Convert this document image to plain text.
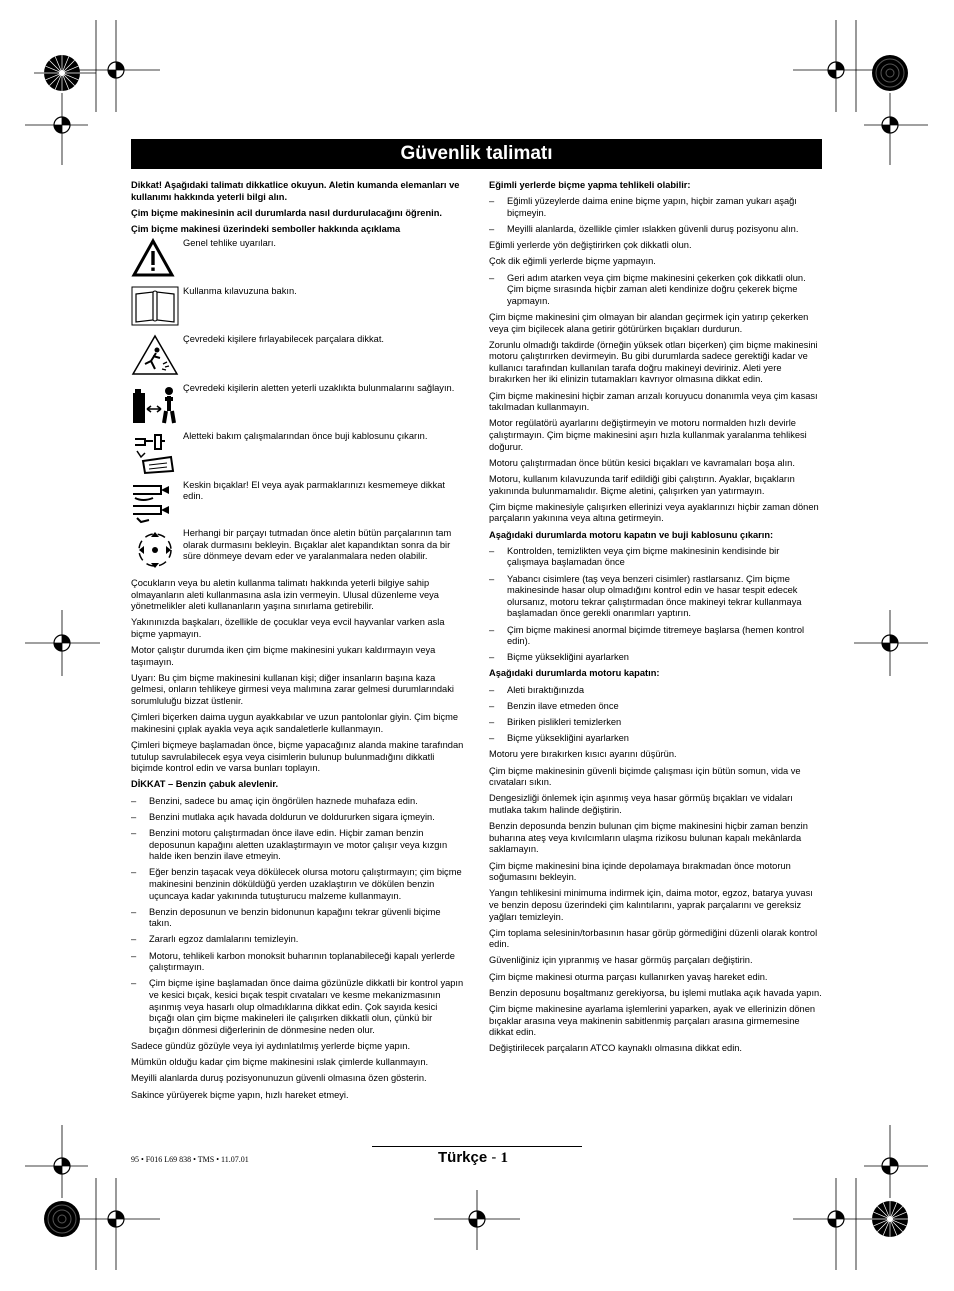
Güvenlik talimatı

Dikkat! Aşağıdaki talimatı dikkatlice okuyun. Aletin kumanda elemanları ve kullanımı hakkında yeterli bilgi alın.

Çim biçme makinesinin acil durumlarda nasıl durdurulacağını öğrenin.

Çim biçme makinesi üzerindeki semboller hakkında açıklama

Genel tehlike uyarıları.
Kullanma kılavuzuna bakın.
Çevredeki kişilere fırlayabilecek parçalara dikkat.
Çevredeki kişilerin aletten yeterli uzaklıkta bulunmalarını sağlayın.
Aletteki bakım çalışmalarından önce buji kablosunu çıkarın.
Keskin bıçaklar! El veya ayak parmaklarınızı kesmemeye dikkat edin.
Herhangi bir parçayı tutmadan önce aletin bütün parçalarının tam olarak durmasını bekleyin. Bıçaklar alet kapandıktan sonra da bir süre dönmeye devam eder ve yaralanmalara neden olabilir.

Çocukların veya bu aletin kullanma talimatı hakkında yeterli bilgiye sahip olmayanların aleti kullanmasına asla izin vermeyin. Ulusal düzenleme veya yönetmelikler aleti kullananların yaşına sınırlama getirebilir.

Yakınınızda başkaları, özellikle de çocuklar veya evcil hayvanlar varken asla biçme yapmayın.

Motor çalıştır durumda iken çim biçme makinesini yukarı kaldırmayın veya taşımayın.

Uyarı: Bu çim biçme makinesini kullanan kişi; diğer insanların başına kaza gelmesi, onların tehlikeye girmesi veya malımına zarar gelmesi durumlarındaki sorumluluğu bizzat üstlenir.

Çimleri biçerken daima uygun ayakkabılar ve uzun pantolonlar giyin. Çim biçme makinesini çıplak ayakla veya açık sandaletlerle kullanmayın.

Çimleri biçmeye başlamadan önce, biçme yapacağınız alanda makine tarafından tutulup savrulabilecek eşya veya cisimlerin bulunup bulunmadığını dikkatli biçimde kontrol edin ve varsa bunları toplayın.

DİKKAT – Benzin çabuk alevlenir.

–	Benzini, sadece bu amaç için öngörülen haznede muhafaza edin.
–	Benzini mutlaka açık havada doldurun ve doldururken sigara içmeyin.
–	Benzini motoru çalıştırmadan önce ilave edin. Hiçbir zaman benzin deposunun kapağını aletten uzaklaştırmayın ve motor çalışır veya kızgın halde iken benzin ilave etmeyin.
–	Eğer benzin taşacak veya dökülecek olursa motoru çalıştırmayın; çim biçme makinesini benzinin döküldüğü yerden uzaklaştırın ve dökülen benzin uçuncaya kadar yakınında tutuşturucu malzeme kullanmayın.
–	Benzin deposunun ve benzin bidonunun kapağını tekrar güvenli biçime takın.
–	Zararlı egzoz damlalarını temizleyin.
–	Motoru, tehlikeli karbon monoksit buharının toplanabileceği kapalı yerlerde çalıştırmayın.
–	Çim biçme işine başlamadan önce daima gözünüzle dikkatli bir kontrol yapın ve kesici bıçak, kesici bıçak tespit cıvataları ve kesme mekanizmasının aşınmış veya hasarlı olup olmadıklarına dikkat edin. Çok sayıda kesici bıçağı olan çim biçme makineleri ile çalışırken dikkatli olun, çünkü bir bıçağın dönmesi diğerlerinin de dönmesine neden olur.

Sadece gündüz gözüyle veya iyi aydınlatılmış yerlerde biçme yapın.

Mümkün olduğu kadar çim biçme makinesini ıslak çimlerde kullanmayın.

Meyilli alanlarda duruş pozisyonunuzun güvenli olmasına özen gösterin.

Sakince yürüyerek biçme yapın, hızlı hareket etmeyi.

Eğimli yerlerde biçme yapma tehlikeli olabilir:

–	Eğimli yüzeylerde daima enine biçme yapın, hiçbir zaman yukarı aşağı biçmeyin.
–	Meyilli alanlarda, özellikle çimler ıslakken güvenli duruş pozisyonu alın.

Eğimli yerlerde yön değiştirirken çok dikkatli olun.

Çok dik eğimli yerlerde biçme yapmayın.

–	Geri adım atarken veya çim biçme makinesini çekerken çok dikkatli olun. Çim biçme sırasında hiçbir zaman aleti kendinize doğru çekerek biçme yapmayın.

Çim biçme makinesini çim olmayan bir alandan geçirmek için yatırıp çekerken veya çim biçilecek alana getirir götürürken bıçakları durdurun.

Zorunlu olmadığı takdirde (örneğin yüksek otları biçerken) çim biçme makinesini motoru çalıştırırken devirmeyin. Bu gibi durumlarda sadece gerektiği kadar ve kullanıcı tarafından kullanılan tarafa doğru makineyi deviriniz. Aleti yere bırakırken her iki elinizin tutamakları kavrıyor olmasına dikkat edin.

Çim biçme makinesini hiçbir zaman arızalı koruyucu donanımla veya çim kasası takılmadan kullanmayın.

Motor regülatörü ayarlarını değiştirmeyin ve motoru normalden hızlı devirle çalıştırmayın. Çim biçme makinesini aşırı hızla kullanmak yaralanma tehlikesi doğurur.

Motoru çalıştırmadan önce bütün kesici bıçakları ve kavramaları boşa alın.

Motoru, kullanım kılavuzunda tarif edildiği gibi çalıştırın. Ayaklar, bıçakların yakınında bulunmamalıdır. Biçme aletini, çalışırken yan yatırmayın.

Çim biçme makinesiyle çalışırken ellerinizi veya ayaklarınızı hiçbir zaman dönen parçaların yakınına veya altına getirmeyin.

Aşağıdaki durumlarda motoru kapatın ve buji kablosunu çıkarın:

–	Kontrolden, temizlikten veya çim biçme makinesinin kendisinde bir çalışmaya başlamadan önce
–	Yabancı cisimlere (taş veya benzeri cisimler) rastlarsanız. Çim biçme makinesinde hasar olup olmadığını kontrol edin ve hasar tespit edecek olursanız, motoru tekrar çalıştırmadan önce makineyi tekrar kullanmaya başlamadan önce gerekli onarımları yaptırın.
–	Çim biçme makinesi anormal biçimde titremeye başlarsa (hemen kontrol edin).
–	Biçme yüksekliğini ayarlarken

Aşağıdaki durumlarda motoru kapatın:

–	Aleti bıraktığınızda
–	Benzin ilave etmeden önce
–	Biriken pislikleri temizlerken
–	Biçme yüksekliğini ayarlarken

Motoru yere bırakırken kısıcı ayarını düşürün.

Çim biçme makinesinin güvenli biçimde çalışması için bütün somun, vida ve cıvataları sıkın.

Dengesizliği önlemek için aşınmış veya hasar görmüş bıçakları ve vidaları mutlaka takım halinde değiştirin.

Benzin deposunda benzin bulunan çim biçme makinesini hiçbir zaman benzin buharına ateş veya kıvılcımların ulaşma rizikosu bulunan kapalı mekânlarda saklamayın.

Çim biçme makinesini bina içinde depolamaya bırakmadan önce motorun soğumasını bekleyin.

Yangın tehlikesini minimuma indirmek için, daima motor, egzoz, batarya yuvası ve benzin deposu üzerindeki çim kalıntılarını, yaprak parçalarını ve gereksiz yağları temizleyin.

Çim toplama selesinin/torbasının hasar görüp görmediğini düzenli olarak kontrol edin.

Güvenliğiniz için yıpranmış ve hasar görmüş parçaları değiştirin.

Çim biçme makinesi oturma parçası kullanırken yavaş hareket edin.

Benzin deposunu boşaltmanız gerekiyorsa, bu işlemi mutlaka açık havada yapın.

Çim biçme makinesine ayarlama işlemlerini yaparken, ayak ve ellerinizin dönen bıçaklar arasına veya makinenin sabitlenmiş parçaları arasına girmemesine dikkat edin.

Değiştirilecek parçaların ATCO kaynaklı olmasına dikkat edin.

95 • F016 L69 838 • TMS • 11.07.01	Türkçe - 1
